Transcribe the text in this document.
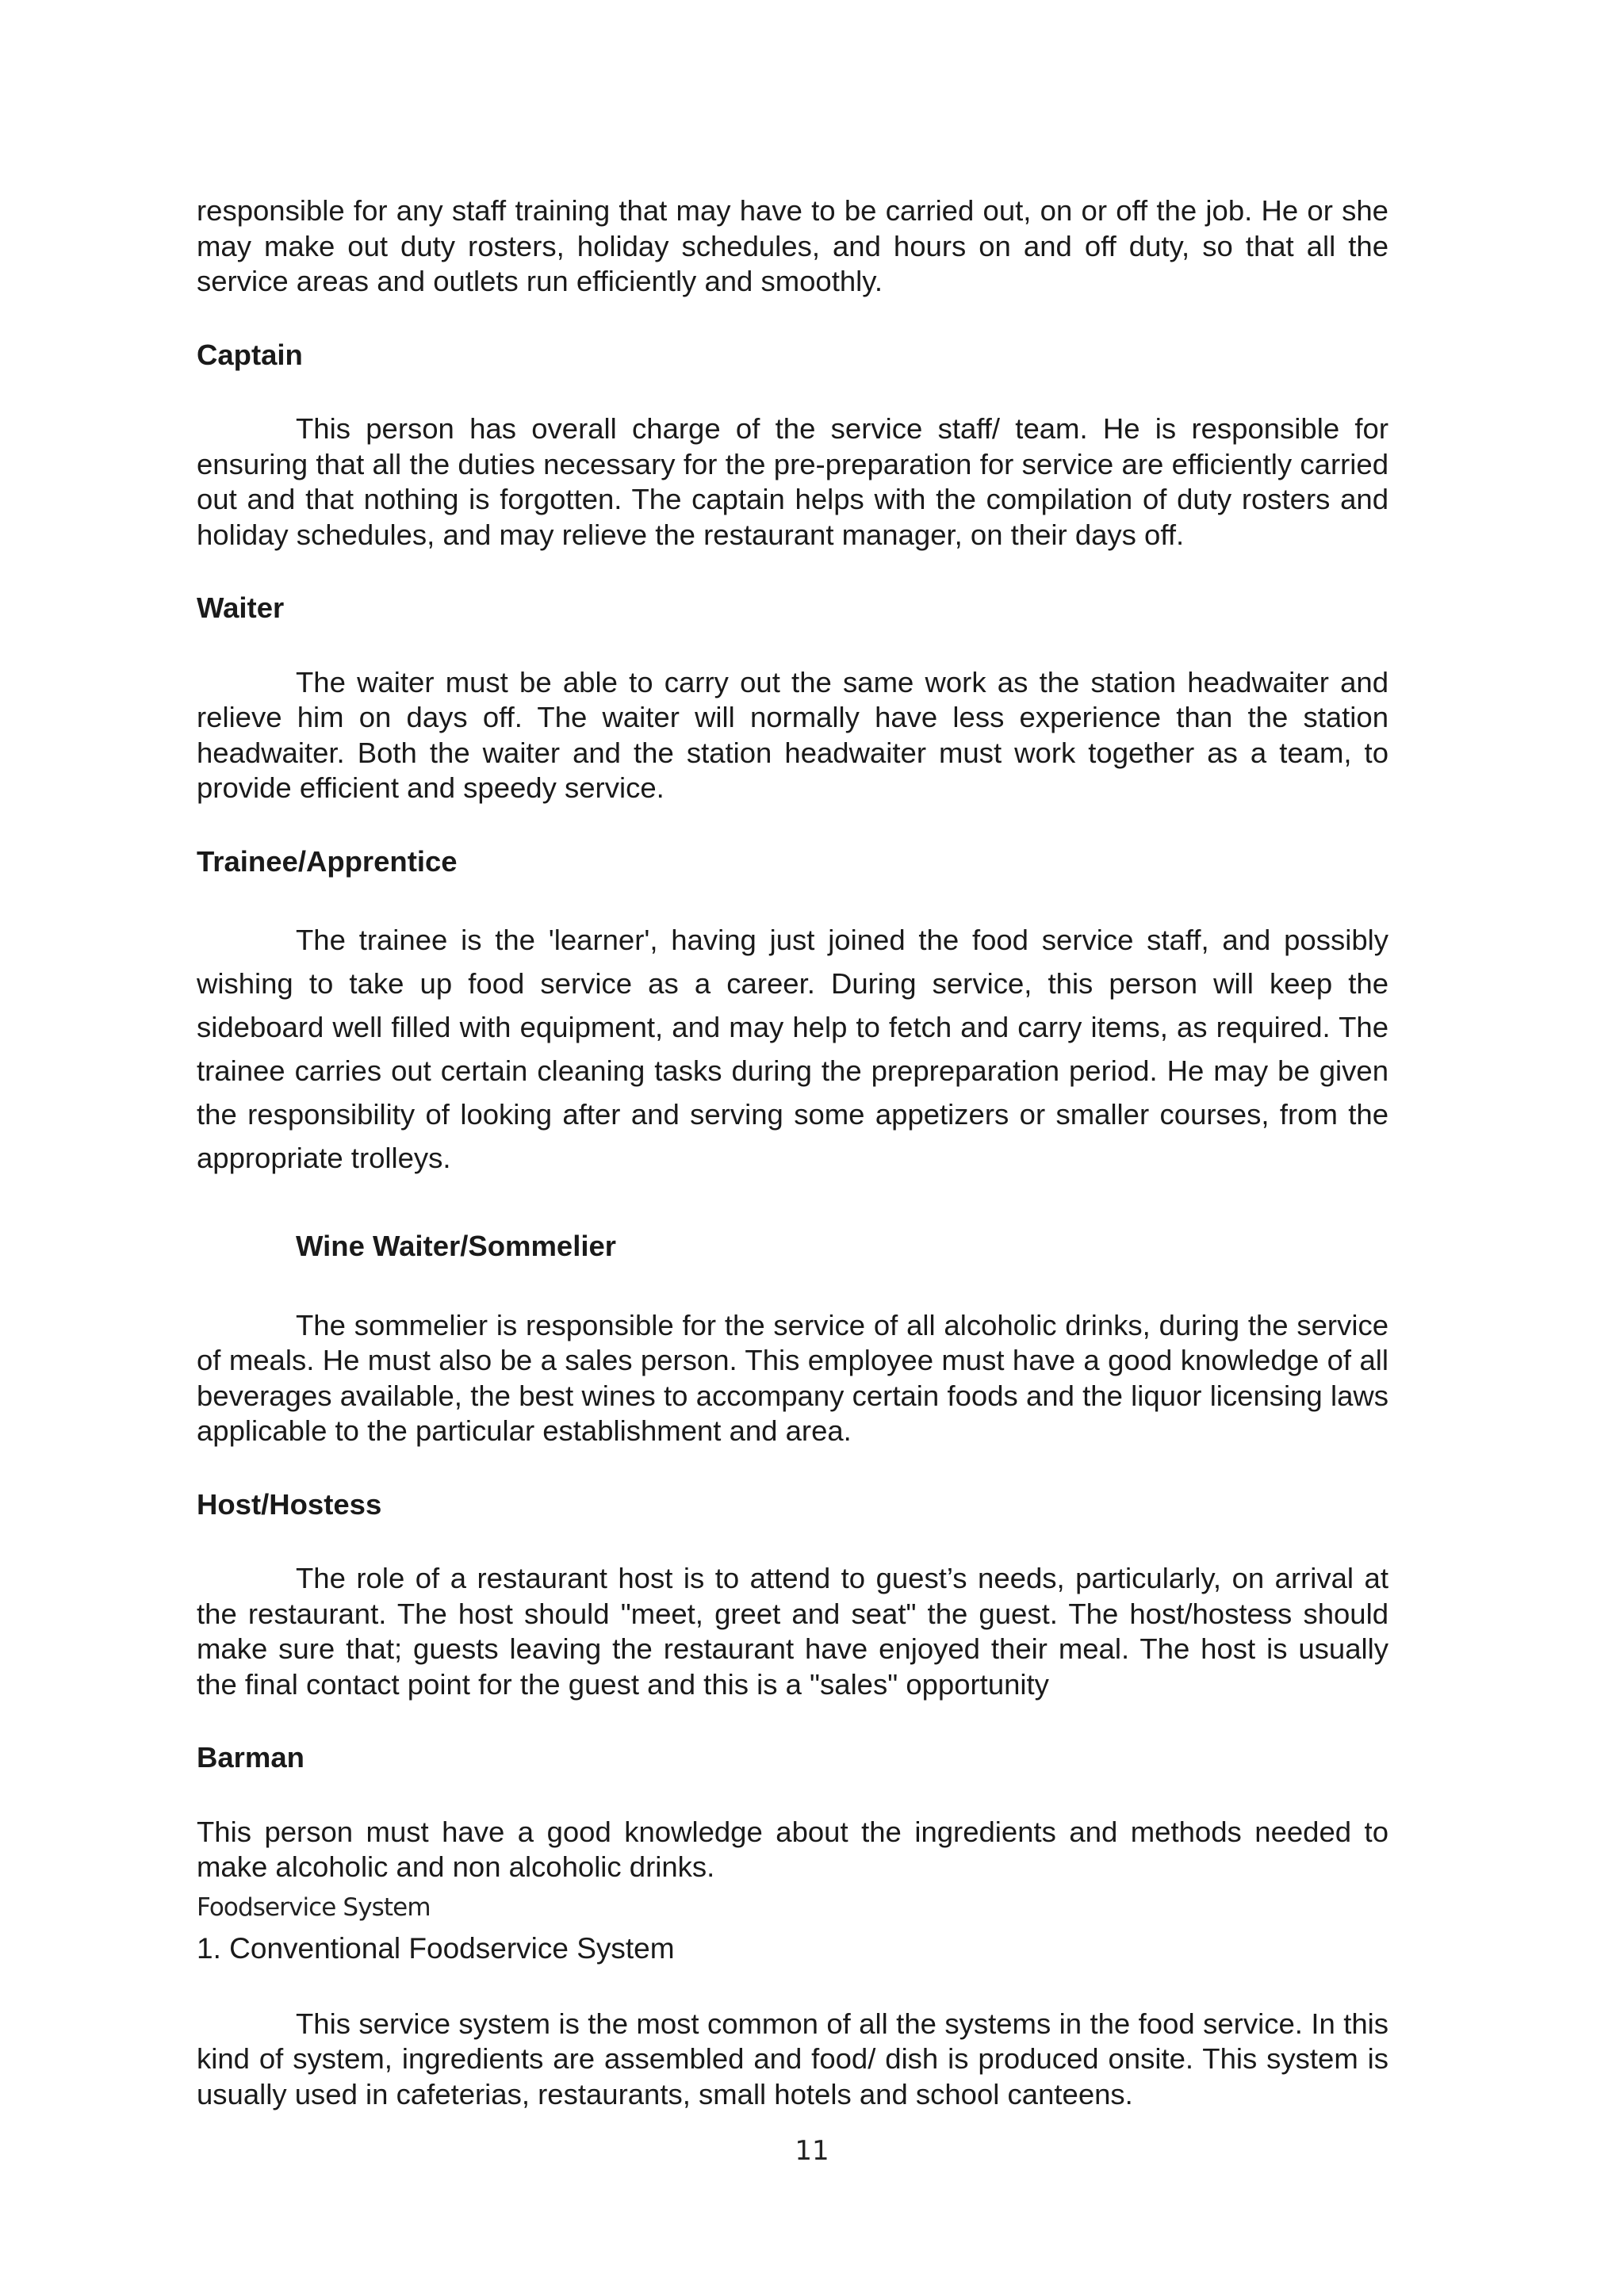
responsible for any staff training that may have to be carried out, on or off the job. He or she may make out duty rosters, holiday schedules, and hours on and off duty, so that all the service areas and outlets run efficiently and smoothly.

Captain

This person has overall charge of the service staff/ team. He is responsible for ensuring that all the duties necessary for the pre-preparation for service are efficiently carried out and that nothing is forgotten. The captain helps with the compilation of duty rosters and holiday schedules, and may relieve the restaurant manager, on their days off.

Waiter

The waiter must be able to carry out the same work as the station headwaiter and relieve him on days off. The waiter will normally have less experience than the station headwaiter. Both the waiter and the station headwaiter must work together as a team, to provide efficient and speedy service.

Trainee/Apprentice

The trainee is the 'learner', having just joined the food service staff, and possibly wishing to take up food service as a career. During service, this person will keep the sideboard well filled with equipment, and may help to fetch and carry items, as required. The trainee carries out certain cleaning tasks during the prepreparation period. He may be given the responsibility of looking after and serving some appetizers or smaller courses, from the appropriate trolleys.

Wine Waiter/Sommelier

The sommelier is responsible for the service of all alcoholic drinks, during the service of meals. He must also be a sales person. This employee must have a good knowledge of all beverages available, the best wines to accompany certain foods and the liquor licensing laws applicable to the particular establishment and area.

Host/Hostess

The role of a restaurant host is to attend to guest’s needs, particularly, on arrival at the restaurant. The host should "meet, greet and seat" the guest. The host/hostess should make sure that; guests leaving the restaurant have enjoyed their meal. The host is usually the final contact point for the guest and this is a "sales" opportunity

Barman

This person must have a good knowledge about the ingredients and methods needed to make alcoholic and non alcoholic drinks.

Foodservice System
1. Conventional Foodservice System

This service system is the most common of all the systems in the food service. In this kind of system, ingredients are assembled and food/ dish is produced onsite. This system is usually used in cafeterias, restaurants, small hotels and school canteens.

11
